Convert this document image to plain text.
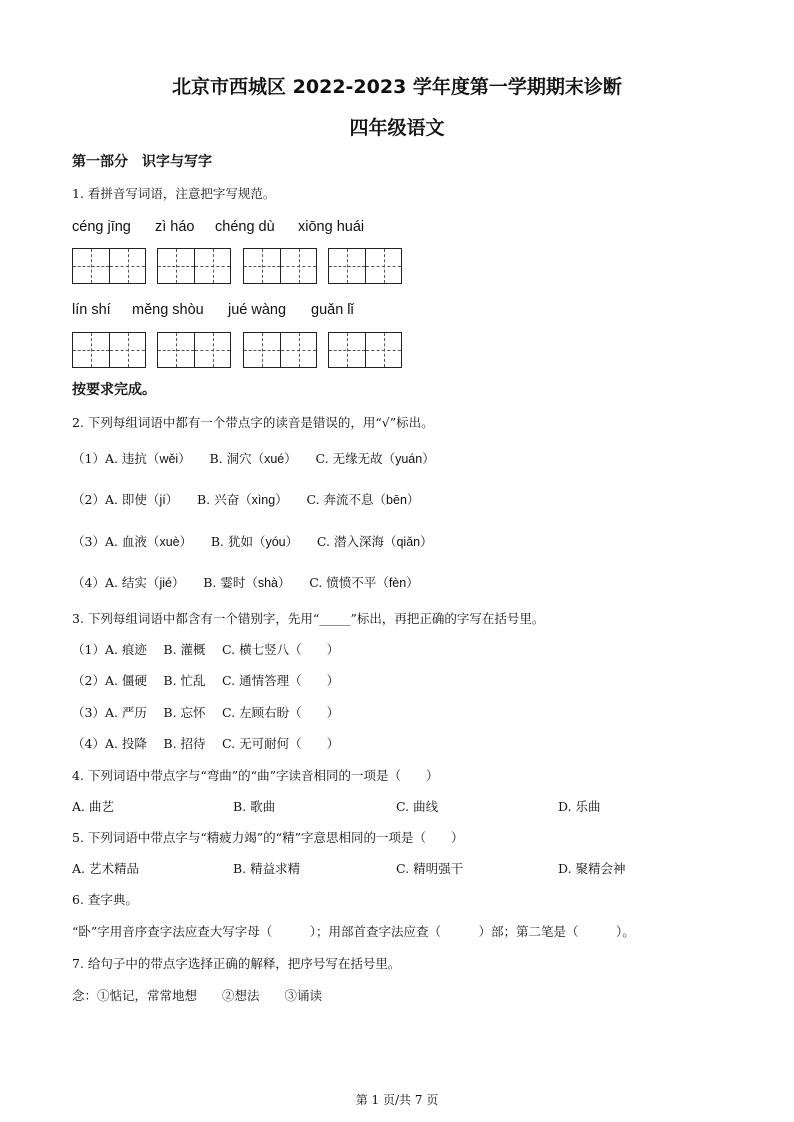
北京市西城区 2022-2023 学年度第一学期期末诊断
四年级语文
第一部分　识字与写字
1. 看拼音写词语，注意把字写规范。
céng jīng zì háo chéng dù xiōng huái
lín shí měng shòu jué wàng guǎn lǐ
按要求完成。
2. 下列每组词语中都有一个带点字的读音是错误的，用“√”标出。
（1）A. 违抗（wěi）　　B. 洞穴（xué）　　C. 无缘无故（yuán）
（2）A. 即使（jí）　　B. 兴奋（xìng）　　C. 奔流不息（bēn）
（3）A. 血液（xuè）　　B. 犹如（yóu）　　C. 潜入深海（qiǎn）
（4）A. 结实（jié）　　B. 霎时（shà）　　C. 愤愤不平（fèn）
3. 下列每组词语中都含有一个错别字，先用“_____”标出，再把正确的字写在括号里。
（1）A. 痕迹　 B. 灌概　 C. 横七竖八（　　）
（2）A. 僵硬　 B. 忙乱　 C. 通情答理（　　）
（3）A. 严历　 B. 忘怀　 C. 左顾右盼（　　）
（4）A. 投降　 B. 招待　 C. 无可耐何（　　）
4. 下列词语中带点字与“弯曲”的“曲”字读音相同的一项是（　　）
A. 曲艺	B. 歌曲	C. 曲线	D. 乐曲
5. 下列词语中带点字与“精疲力竭”的“精”字意思相同的一项是（　　）
A. 艺术精品	B. 精益求精	C. 精明强干	D. 聚精会神
6. 查字典。
“卧”字用音序查字法应查大写字母（　　　）；用部首查字法应查（　　　）部；第二笔是（　　　）。
7. 给句子中的带点字选择正确的解释，把序号写在括号里。
念：①惦记，常常地想　　②想法　　③诵读
第 1 页/共 7 页
